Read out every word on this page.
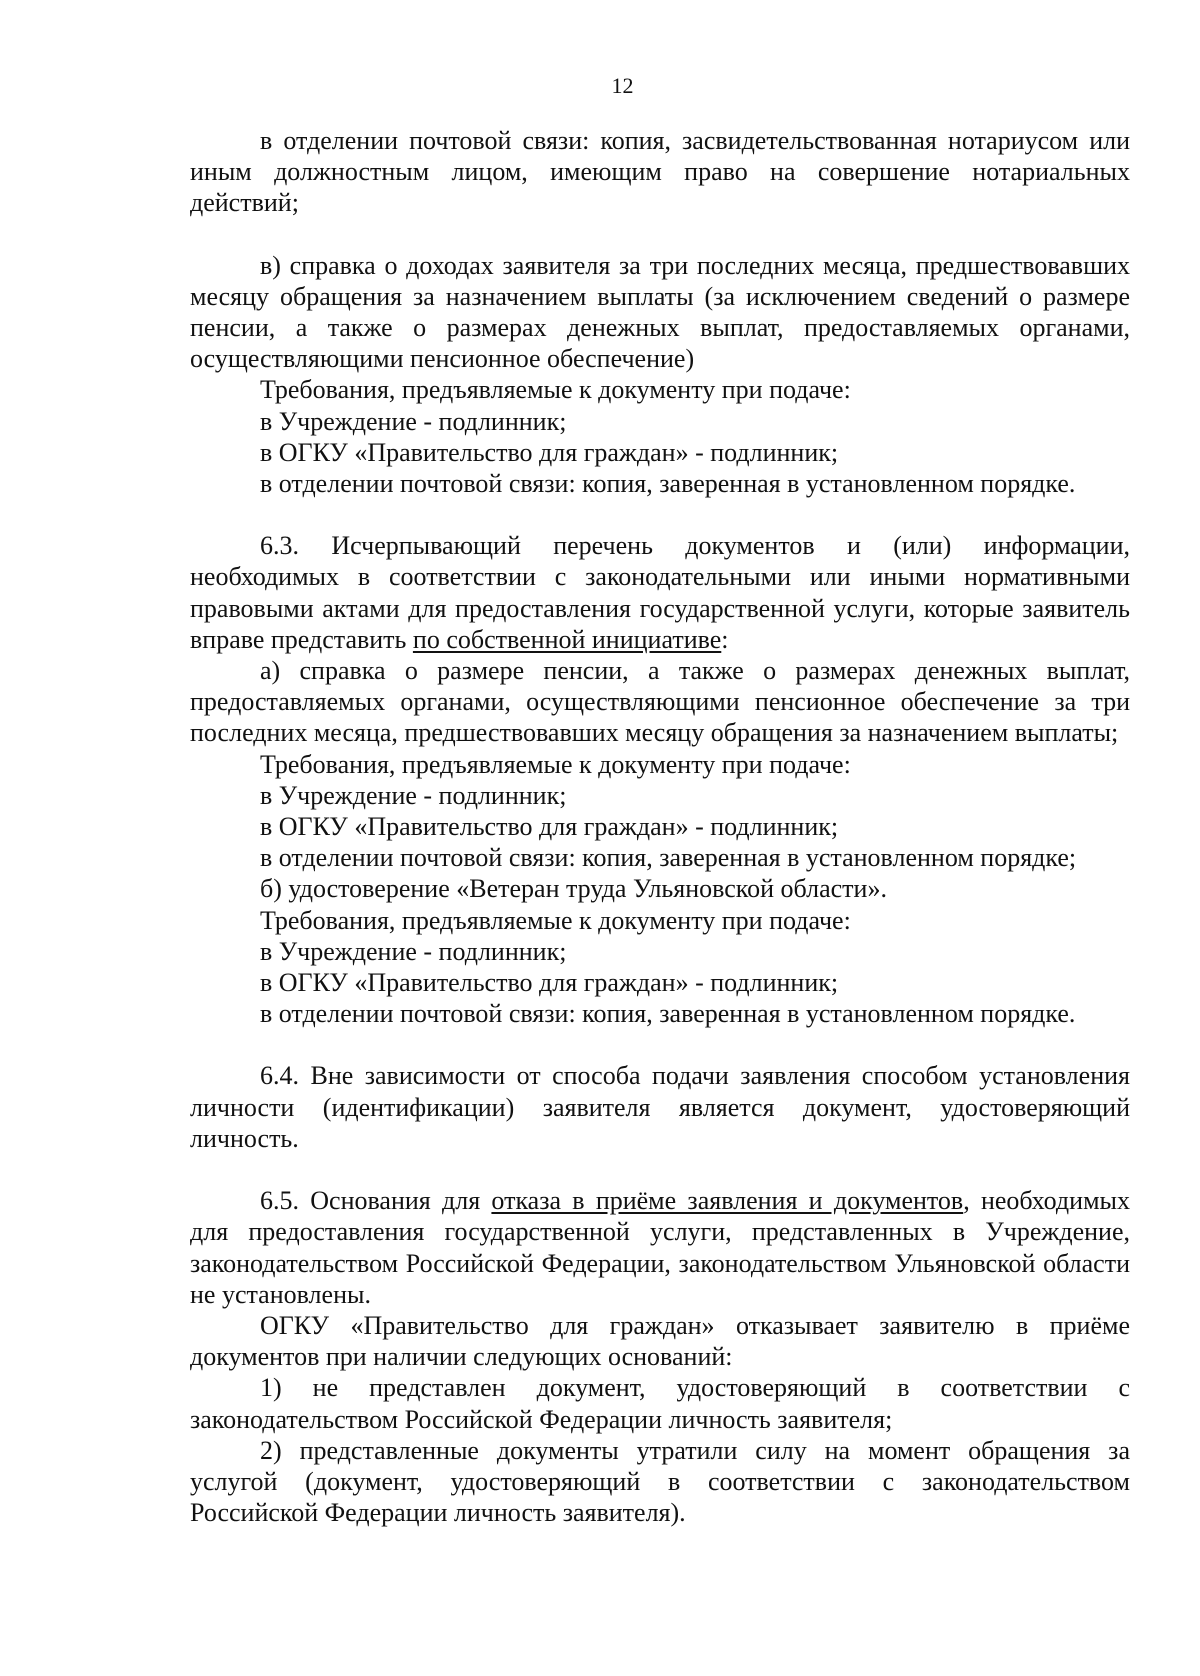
12

в отделении почтовой связи: копия, засвидетельствованная нотариусом или иным должностным лицом, имеющим право на совершение нотариальных действий;

в) справка о доходах заявителя за три последних месяца, предшествовавших месяцу обращения за назначением выплаты (за исключением сведений о размере пенсии, а также о размерах денежных выплат, предоставляемых органами, осуществляющими пенсионное обеспечение)

Требования, предъявляемые к документу при подаче:

в Учреждение - подлинник;

в ОГКУ «Правительство для граждан» - подлинник;

в отделении почтовой связи: копия, заверенная в установленном порядке.

6.3. Исчерпывающий перечень документов и (или) информации, необходимых в соответствии с законодательными или иными нормативными правовыми актами для предоставления государственной услуги, которые заявитель вправе представить по собственной инициативе:

а) справка о размере пенсии, а также о размерах денежных выплат, предоставляемых органами, осуществляющими пенсионное обеспечение за три последних месяца, предшествовавших месяцу обращения за назначением выплаты;

Требования, предъявляемые к документу при подаче:

в Учреждение - подлинник;

в ОГКУ «Правительство для граждан» - подлинник;

в отделении почтовой связи: копия, заверенная в установленном порядке;

б) удостоверение «Ветеран труда Ульяновской области».

Требования, предъявляемые к документу при подаче:

в Учреждение - подлинник;

в ОГКУ «Правительство для граждан» - подлинник;

в отделении почтовой связи: копия, заверенная в установленном порядке.

6.4. Вне зависимости от способа подачи заявления способом установления личности (идентификации) заявителя является документ, удостоверяющий личность.

6.5. Основания для отказа в приёме заявления и документов, необходимых для предоставления государственной услуги, представленных в Учреждение, законодательством Российской Федерации, законодательством Ульяновской области не установлены.

ОГКУ «Правительство для граждан» отказывает заявителю в приёме документов при наличии следующих оснований:

1) не представлен документ, удостоверяющий в соответствии с законодательством Российской Федерации личность заявителя;

2) представленные документы утратили силу на момент обращения за услугой (документ, удостоверяющий в соответствии с законодательством Российской Федерации личность заявителя).
